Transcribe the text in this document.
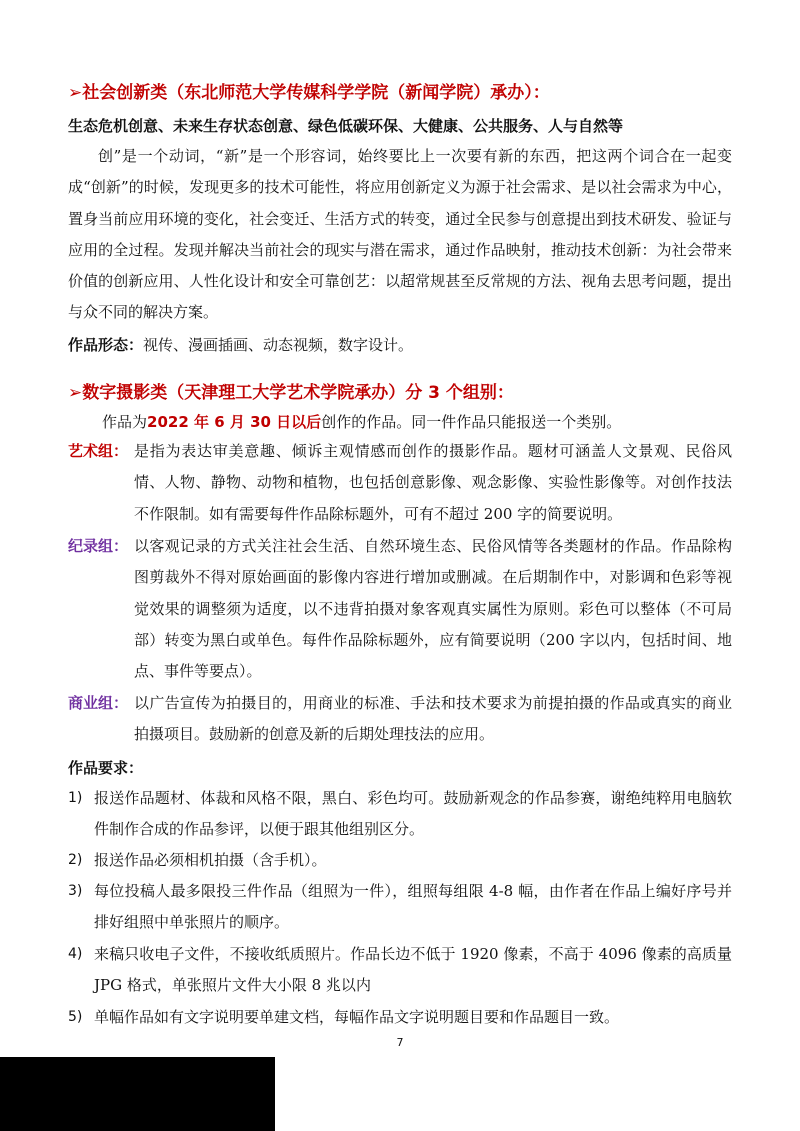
➢社会创新类（东北师范大学传媒科学学院（新闻学院）承办）：
生态危机创意、未来生存状态创意、绿色低碳环保、大健康、公共服务、人与自然等

创”是一个动词，“新”是一个形容词，始终要比上一次要有新的东西，把这两个词合在一起变成“创新”的时候，发现更多的技术可能性，将应用创新定义为源于社会需求、是以社会需求为中心，置身当前应用环境的变化，社会变迁、生活方式的转变，通过全民参与创意提出到技术研发、验证与应用的全过程。发现并解决当前社会的现实与潜在需求，通过作品映射，推动技术创新：为社会带来价值的创新应用、人性化设计和安全可靠创艺：以超常规甚至反常规的方法、视角去思考问题，提出与众不同的解决方案。

作品形态：视传、漫画插画、动态视频，数字设计。
➢数字摄影类（天津理工大学艺术学院承办）分 3 个组别：
作品为2022 年 6 月 30 日以后创作的作品。同一件作品只能报送一个类别。
艺术组： 是指为表达审美意趣、倾诉主观情感而创作的摄影作品。题材可涵盖人文景观、民俗风情、人物、静物、动物和植物，也包括创意影像、观念影像、实验性影像等。对创作技法不作限制。如有需要每件作品除标题外，可有不超过 200 字的简要说明。
纪录组： 以客观记录的方式关注社会生活、自然环境生态、民俗风情等各类题材的作品。作品除构图剪裁外不得对原始画面的影像内容进行增加或删减。在后期制作中，对影调和色彩等视觉效果的调整须为适度，以不违背拍摄对象客观真实属性为原则。彩色可以整体（不可局部）转变为黑白或单色。每件作品除标题外，应有简要说明（200 字以内，包括时间、地点、事件等要点）。
商业组： 以广告宣传为拍摄目的，用商业的标准、手法和技术要求为前提拍摄的作品或真实的商业拍摄项目。鼓励新的创意及新的后期处理技法的应用。
作品要求：
1) 报送作品题材、体裁和风格不限，黑白、彩色均可。鼓励新观念的作品参赛，谢绝纯粹用电脑软件制作合成的作品参评，以便于跟其他组别区分。
2) 报送作品必须相机拍摄（含手机）。
3) 每位投稿人最多限投三件作品（组照为一件），组照每组限 4-8 幅，由作者在作品上编好序号并排好组照中单张照片的顺序。
4) 来稿只收电子文件，不接收纸质照片。作品长边不低于 1920 像素，不高于 4096 像素的高质量 JPG 格式，单张照片文件大小限 8 兆以内
5) 单幅作品如有文字说明要单建文档，每幅作品文字说明题目要和作品题目一致。
7
